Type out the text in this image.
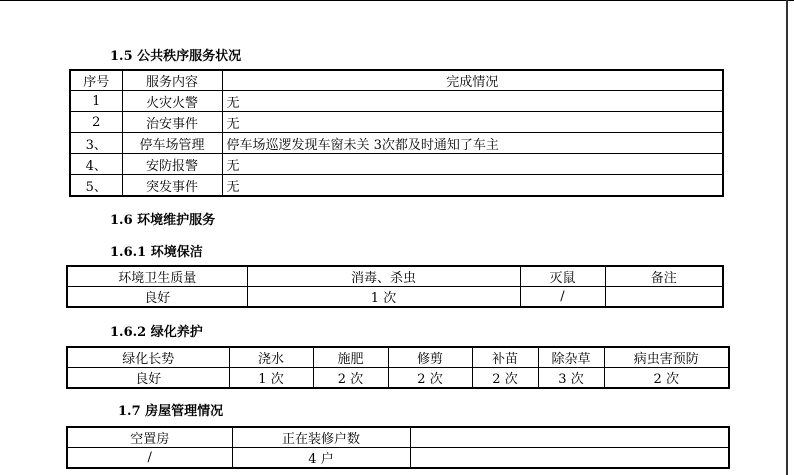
1.5 公共秩序服务状况
序号	服务内容	完成情况
1	火灾火警	无
2	治安事件	无
3、	停车场管理	停车场巡逻发现车窗未关 3次都及时通知了车主
4、	安防报警	无
5、	突发事件	无
1.6 环境维护服务
1.6.1 环境保洁
环境卫生质量	消毒、杀虫	灭鼠	备注
良好	1 次	/	
1.6.2 绿化养护
绿化长势	浇水	施肥	修剪	补苗	除杂草	病虫害预防
良好	1 次	2 次	2 次	2 次	3 次	2 次
1.7 房屋管理情况
空置房	正在装修户数	
/	4 户	
